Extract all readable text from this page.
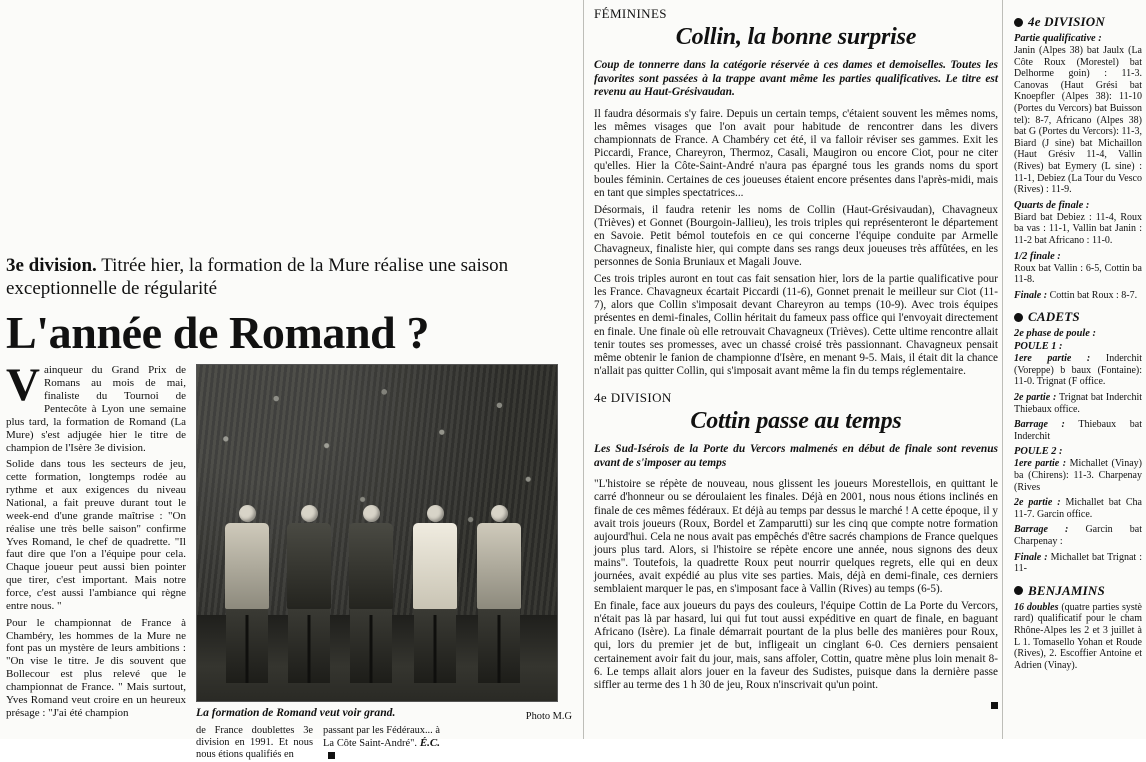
3e division. Titrée hier, la formation de la Mure réalise une saison exceptionnelle de régularité
L'année de Romand ?

Vainqueur du Grand Prix de Romans au mois de mai, finaliste du Tournoi de Pentecôte à Lyon une semaine plus tard, la formation de Romand (La Mure) s'est adjugée hier le titre de champion de l'Isère 3e division.

Solide dans tous les secteurs de jeu, cette formation, longtemps rodée au rythme et aux exigences du niveau National, a fait preuve durant tout le week-end d'une grande maîtrise : "On réalise une très belle saison" confirme Yves Romand, le chef de quadrette. "Il faut dire que l'on a l'équipe pour cela. Chaque joueur peut aussi bien pointer que tirer, c'est important. Mais notre force, c'est aussi l'ambiance qui règne entre nous. "

Pour le championnat de France à Chambéry, les hommes de la Mure ne font pas un mystère de leurs ambitions : "On vise le titre. Je dis souvent que Bollecour est plus relevé que le championnat de France. " Mais surtout, Yves Romand veut croire en un heureux présage : "J'ai été champion	La formation de Romand veut voir grand.
de France doublettes 3e division en 1991. Et nous nous étions qualifiés en
passant par les Fédéraux... à La Côte Saint-André". É.C.
Photo M.G
FÉMININES
Collin, la bonne surprise
Coup de tonnerre dans la catégorie réservée à ces dames et demoiselles. Toutes les favorites sont passées à la trappe avant même les parties qualificatives. Le titre est revenu au Haut-Grésivaudan.

Il faudra désormais s'y faire. Depuis un certain temps, c'étaient souvent les mêmes noms, les mêmes visages que l'on avait pour habitude de rencontrer dans les divers championnats de France. A Chambéry cet été, il va falloir réviser ses gammes. Exit les Piccardi, France, Chareyron, Thermoz, Casali, Maugiron ou encore Ciot, pour ne citer qu'elles. Hier la Côte-Saint-André n'aura pas épargné tous les grands noms du sport boules féminin. Certaines de ces joueuses étaient encore présentes dans l'après-midi, mais en tant que simples spectatrices...

Désormais, il faudra retenir les noms de Collin (Haut-Grésivaudan), Chavagneux (Trièves) et Gonnet (Bourgoin-Jallieu), les trois triples qui représenteront le département en Savoie. Petit bémol toutefois en ce qui concerne l'équipe conduite par Armelle Chavagneux, finaliste hier, qui compte dans ses rangs deux joueuses très affûtées, en les personnes de Sonia Bruniaux et Magali Jouve.

Ces trois triples auront en tout cas fait sensation hier, lors de la partie qualificative pour les France. Chavagneux écartait Piccardi (11-6), Gonnet prenait le meilleur sur Ciot (11-7), alors que Collin s'imposait devant Chareyron au temps (10-9). Avec trois équipes présentes en demi-finales, Collin héritait du fameux pass office qui l'envoyait directement en finale. Une finale où elle retrouvait Chavagneux (Trièves). Cette ultime rencontre allait tenir toutes ses promesses, avec un chassé croisé très passionnant. Chavagneux pensait même obtenir le fanion de championne d'Isère, en menant 9-5. Mais, il était dit la chance n'allait pas quitter Collin, qui s'imposait avant même la fin du temps réglementaire.

4e DIVISION
Cottin passe au temps
Les Sud-Isérois de la Porte du Vercors malmenés en début de finale sont revenus avant de s'imposer au temps

"L'histoire se répète de nouveau, nous glissent les joueurs Morestellois, en quittant le carré d'honneur ou se déroulaient les finales. Déjà en 2001, nous nous étions inclinés en finale de ces mêmes fédéraux. Et déjà au temps par dessus le marché ! A cette époque, il y avait trois joueurs (Roux, Bordel et Zamparutti) sur les cinq que compte notre formation aujourd'hui. Cela ne nous avait pas empêchés d'être sacrés champions de France quelques jours plus tard. Alors, si l'histoire se répète encore une année, nous signons des deux mains". Toutefois, la quadrette Roux peut nourrir quelques regrets, elle qui en deux journées, avait expédié au plus vite ses parties. Mais, déjà en demi-finale, ces derniers semblaient marquer le pas, en s'imposant face à Vallin (Rives) au temps (6-5).

En finale, face aux joueurs du pays des couleurs, l'équipe Cottin de La Porte du Vercors, n'était pas là par hasard, lui qui fut tout aussi expéditive en quart de finale, en baguant Africano (Isère). La finale démarrait pourtant de la plus belle des manières pour Roux, qui, lors du premier jet de but, infligeait un cinglant 6-0. Ces derniers pensaient certainement avoir fait du jour, mais, sans affoler, Cottin, quatre mène plus loin menait 8-6. Le temps allait alors jouer en la faveur des Sudistes, puisque dans la dernière passe siffler au terme des 1 h 30 de jeu, Roux n'inscrivait qu'un point.

4e DIVISION
Partie qualificative :

Janin (Alpes 38) bat Jaulx (La Côte Roux (Morestel) bat Delhorme goin) : 11-3. Canovas (Haut Grési bat Knoepfler (Alpes 38): 11-10 (Portes du Vercors) bat Buisson tel): 8-7, Africano (Alpes 38) bat G (Portes du Vercors): 11-3, Biard (J sine) bat Michaillon (Haut Grésiv 11-4, Vallin (Rives) bat Eymery (L sine) : 11-1, Debiez (La Tour du Vesco (Rives) : 11-9.

Quarts de finale :

Biard bat Debiez : 11-4, Roux ba vas : 11-1, Vallin bat Janin : 11-2 bat Africano : 11-0.

1/2 finale :

Roux bat Vallin : 6-5, Cottin ba 11-8.

Finale : Cottin bat Roux : 8-7.

CADETS
2e phase de poule :
POULE 1 :

1ere partie : Inderchit (Voreppe) b baux (Fontaine): 11-0. Trignat (F office.

2e partie : Trignat bat Inderchit Thiebaux office.

Barrage : Thiebaux bat Inderchit

POULE 2 :

1ere partie : Michallet (Vinay) ba (Chirens): 11-3. Charpenay (Rives

2e partie : Michallet bat Cha 11-7. Garcin office.

Barrage : Garcin bat Charpenay :

Finale : Michallet bat Trignat : 11-

BENJAMINS

16 doubles (quatre parties systè rard) qualificatif pour le cham Rhône-Alpes les 2 et 3 juillet à L 1. Tomasello Yohan et Roude (Rives), 2. Escoffier Antoine et Adrien (Vinay).
